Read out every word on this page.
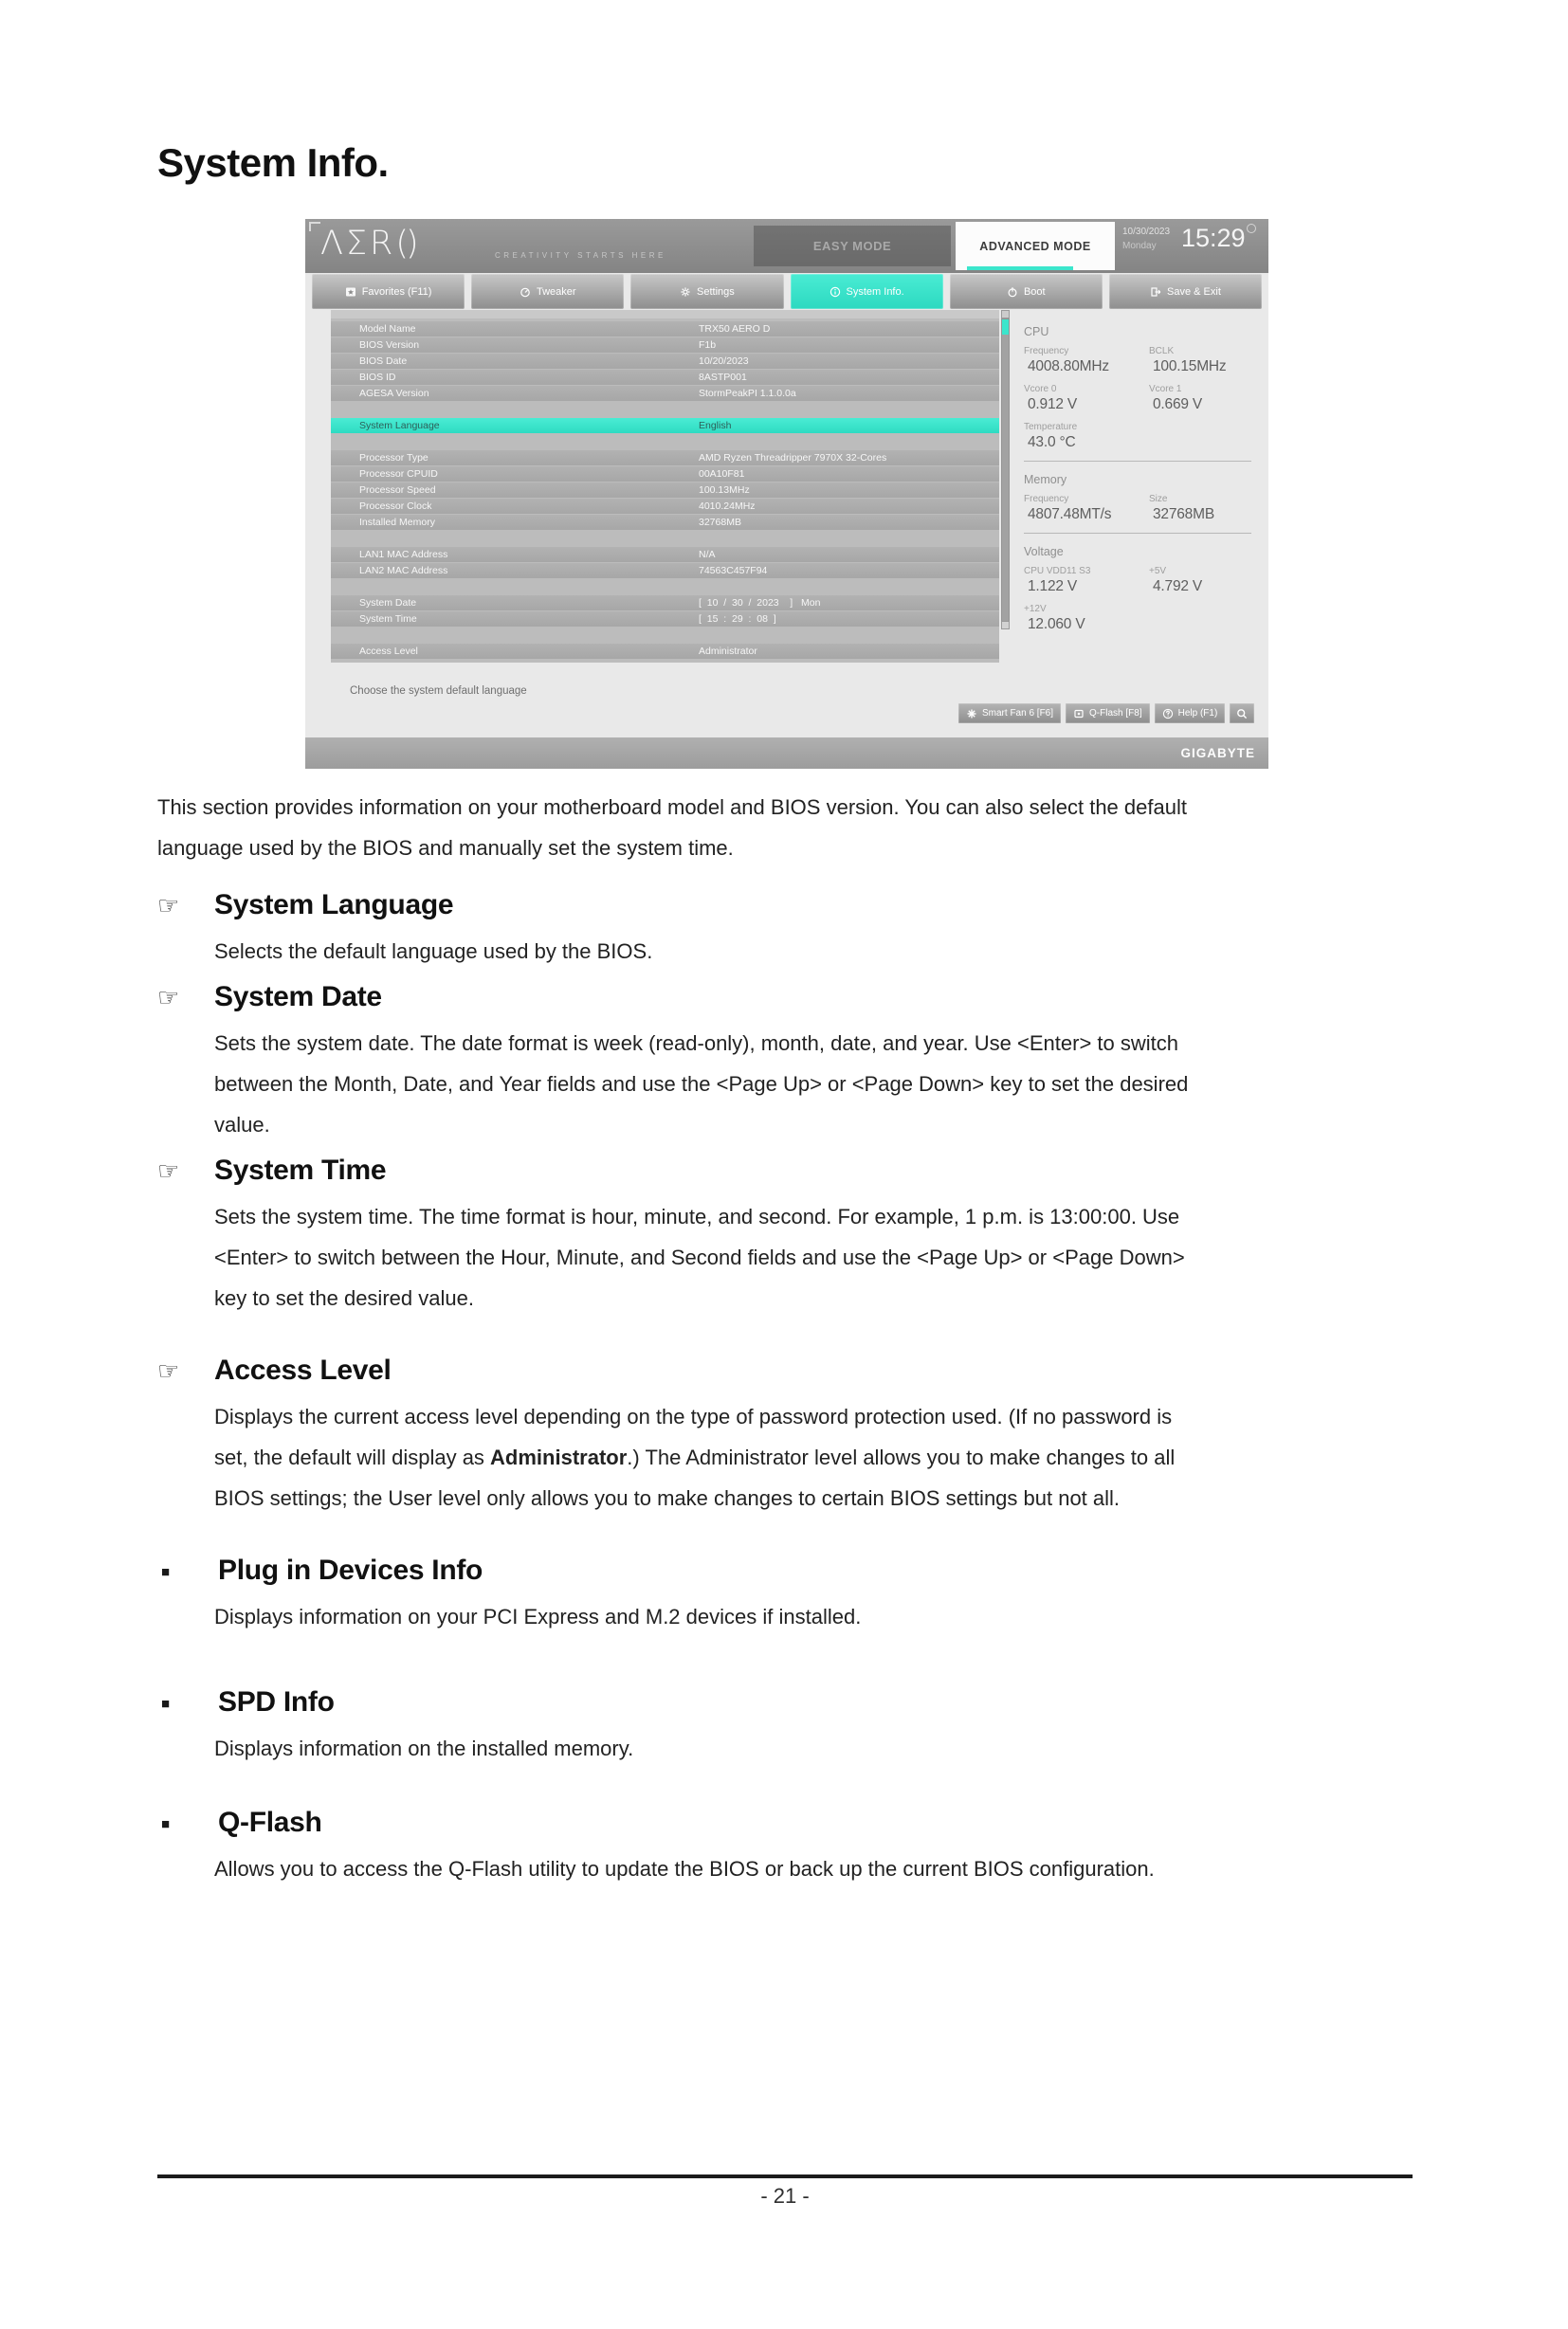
System Info.
ΛΣR()	CREATIVITY STARTS HERE
EASY MODE	ADVANCED MODE
10/30/2023
Monday 15:29
Favorites (F11)	Tweaker	Settings	System Info.	Boot	Save & Exit
Model Name	TRX50 AERO D
BIOS Version	F1b
BIOS Date	10/20/2023
BIOS ID	8ASTP001
AGESA Version	StormPeakPI 1.1.0.0a
System Language	English
Processor Type	AMD Ryzen Threadripper 7970X 32-Cores
Processor CPUID	00A10F81
Processor Speed	100.13MHz
Processor Clock	4010.24MHz
Installed Memory	32768MB
LAN1 MAC Address	N/A
LAN2 MAC Address	74563C457F94
System Date	[  10  /  30  /  2023    ]   Mon
System Time	[  15  :  29  :  08  ]
Access Level	Administrator
CPU
Frequency
4008.80MHz
BCLK
100.15MHz
Vcore 0
0.912 V
Vcore 1
0.669 V
Temperature
43.0 °C
Memory
Frequency
4807.48MT/s
Size
32768MB
Voltage
CPU VDD11 S3
1.122 V
+5V
4.792 V
+12V
12.060 V
Choose the system default language
Smart Fan 6 [F6]	Q-Flash [F8]	Help (F1)
GIGABYTE
This section provides information on your motherboard model and BIOS version. You can also select the default
language used by the BIOS and manually set the system time.
☞	System Language
Selects the default language used by the BIOS.
☞	System Date
Sets the system date. The date format is week (read-only), month, date, and year. Use <Enter> to switch
between the Month, Date, and Year fields and use the <Page Up> or <Page Down> key to set the desired
value.
☞	System Time
Sets the system time. The time format is hour, minute, and second. For example, 1 p.m. is 13:00:00. Use
<Enter> to switch between the Hour, Minute, and Second fields and use the <Page Up> or <Page Down>
key to set the desired value.
☞	Access Level
Displays the current access level depending on the type of password protection used. (If no password is
set, the default will display as Administrator.) The Administrator level allows you to make changes to all
BIOS settings; the User level only allows you to make changes to certain BIOS settings but not all.
■	Plug in Devices Info
Displays information on your PCI Express and M.2 devices if installed.
■	SPD Info
Displays information on the installed memory.
■	Q-Flash
Allows you to access the Q-Flash utility to update the BIOS or back up the current BIOS configuration.
- 21 -
